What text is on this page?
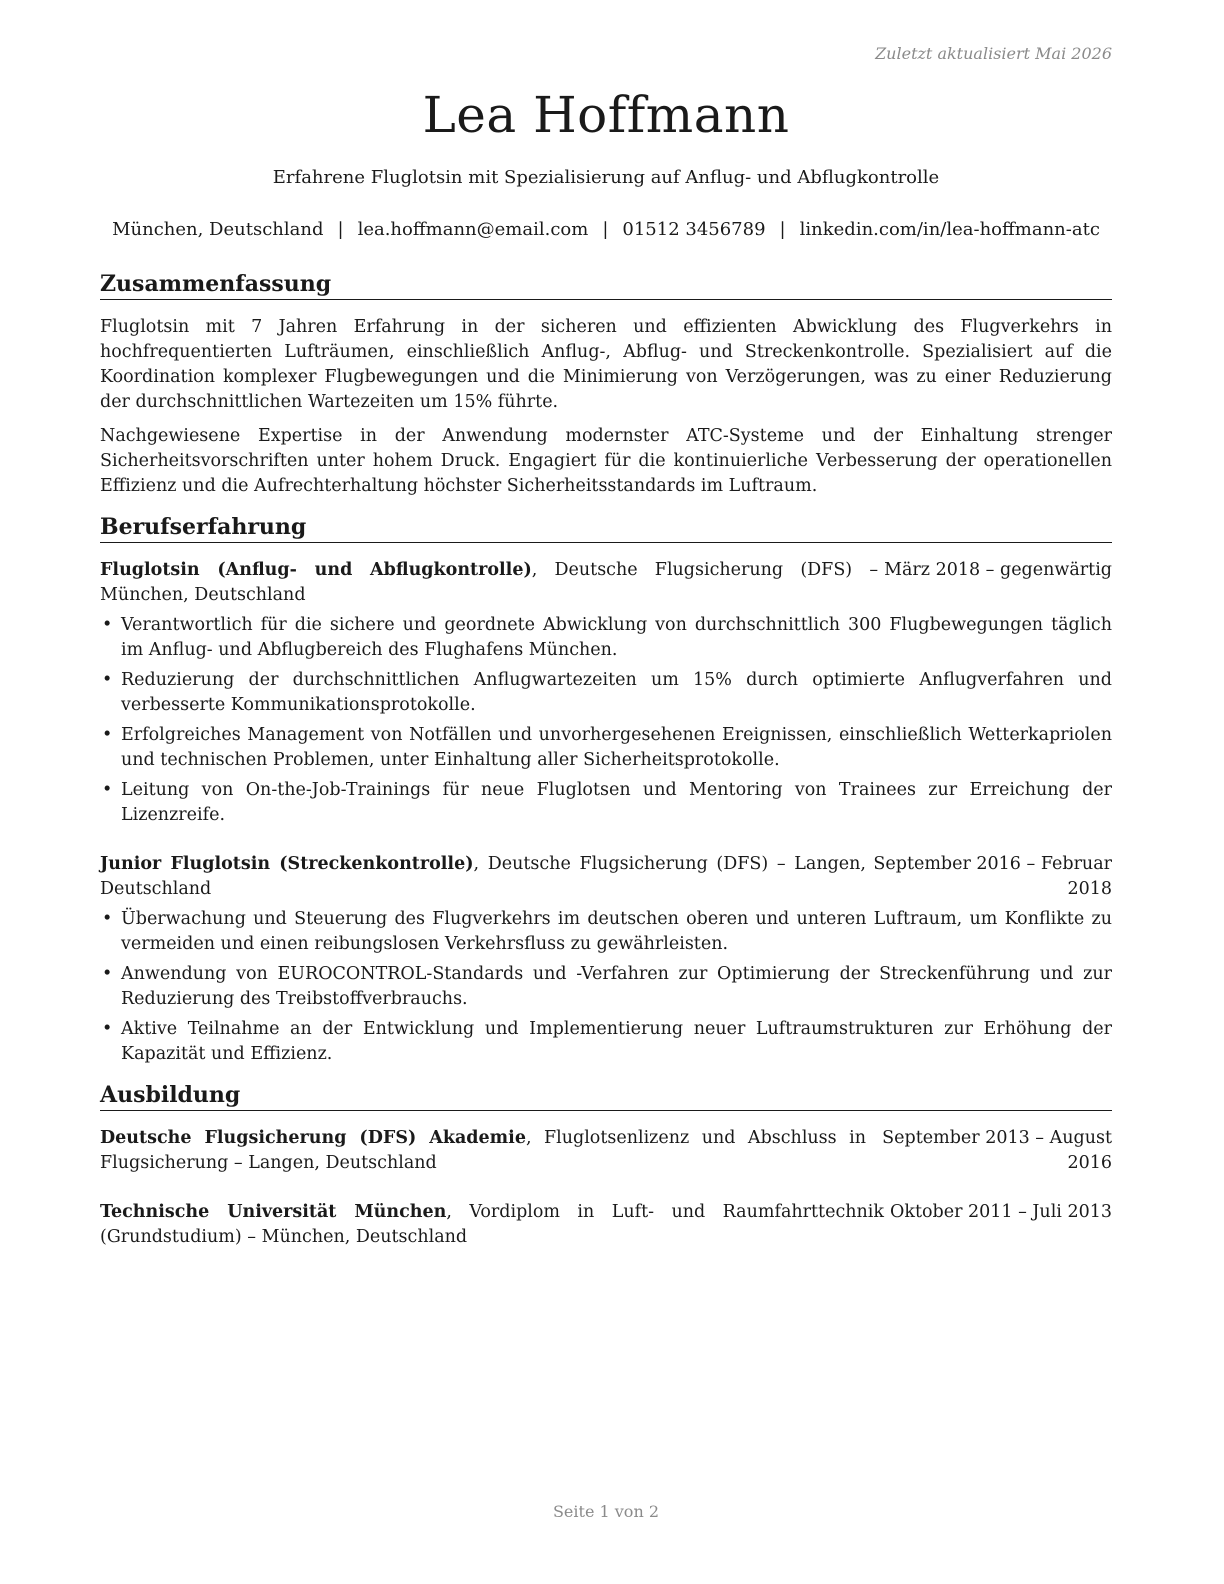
Zuletzt aktualisiert Mai 2026
Lea Hoffmann
Erfahrene Fluglotsin mit Spezialisierung auf Anflug- und Abflugkontrolle
München, Deutschland | lea.hoffmann@email.com | 01512 3456789 | linkedin.com/in/lea-hoffmann-atc
Zusammenfassung

Fluglotsin mit 7 Jahren Erfahrung in der sicheren und effizienten Abwicklung des Flugverkehrs in hochfrequentierten Lufträumen, einschließlich Anflug-, Abflug- und Streckenkontrolle. Spezialisiert auf die Koordination komplexer Flugbewegungen und die Minimierung von Verzögerungen, was zu einer Reduzierung der durchschnittlichen Wartezeiten um 15% führte.

Nachgewiesene Expertise in der Anwendung modernster ATC-Systeme und der Einhaltung strenger Sicherheitsvorschriften unter hohem Druck. Engagiert für die kontinuierliche Verbesserung der operationellen Effizienz und die Aufrechterhaltung höchster Sicherheitsstandards im Luftraum.

Berufserfahrung
Fluglotsin (Anflug- und Abflugkontrolle), Deutsche Flugsicherung (DFS) – München, Deutschland
März 2018 – gegenwärtig
• Verantwortlich für die sichere und geordnete Abwicklung von durchschnittlich 300 Flugbewegungen täglich im Anflug- und Abflugbereich des Flughafens München.
• Reduzierung der durchschnittlichen Anflugwartezeiten um 15% durch optimierte Anflugverfahren und verbesserte Kommunikationsprotokolle.
• Erfolgreiches Management von Notfällen und unvorhergesehenen Ereignissen, einschließlich Wetterkapriolen und technischen Problemen, unter Einhaltung aller Sicherheitsprotokolle.
• Leitung von On-the-Job-Trainings für neue Fluglotsen und Mentoring von Trainees zur Erreichung der Lizenzreife.
Junior Fluglotsin (Streckenkontrolle), Deutsche Flugsicherung (DFS) – Langen, Deutschland
September 2016 – Februar 2018
• Überwachung und Steuerung des Flugverkehrs im deutschen oberen und unteren Luftraum, um Konflikte zu vermeiden und einen reibungslosen Verkehrsfluss zu gewährleisten.
• Anwendung von EUROCONTROL-Standards und -Verfahren zur Optimierung der Streckenführung und zur Reduzierung des Treibstoffverbrauchs.
• Aktive Teilnahme an der Entwicklung und Implementierung neuer Luftraumstrukturen zur Erhöhung der Kapazität und Effizienz.
Ausbildung
Deutsche Flugsicherung (DFS) Akademie, Fluglotsenlizenz und Abschluss in Flugsicherung – Langen, Deutschland
September 2013 – August 2016
Technische Universität München, Vordiplom in Luft- und Raumfahrttechnik (Grundstudium) – München, Deutschland
Oktober 2011 – Juli 2013
Seite 1 von 2
